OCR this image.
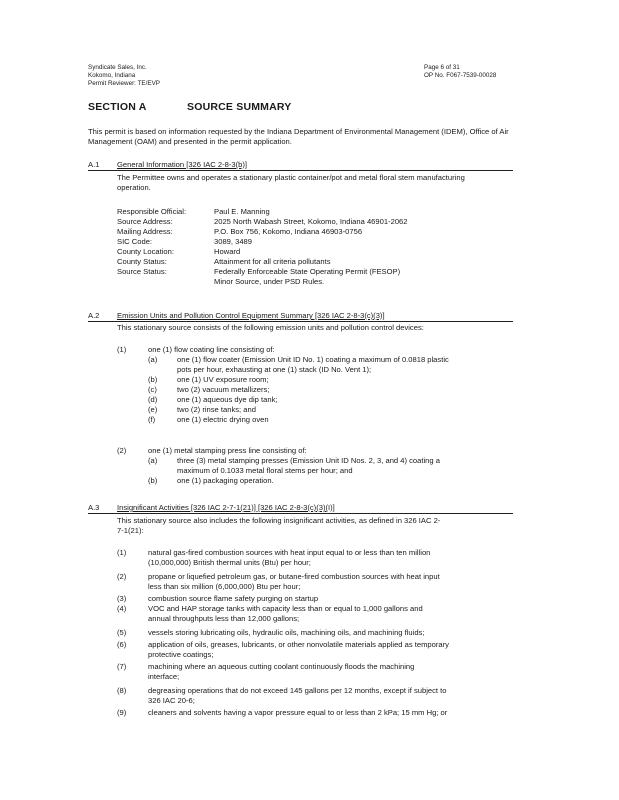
Syndicate Sales, Inc.
Kokomo, Indiana
Permit Reviewer: TE/EVP
Page 6 of 31
OP No. F067-7539-00028
SECTION A	SOURCE SUMMARY
This permit is based on information requested by the Indiana Department of Environmental Management (IDEM), Office of Air Management (OAM) and presented in the permit application.
A.1 General Information [326 IAC 2-8-3(b)]
The Permittee owns and operates a stationary plastic container/pot and metal floral stem manufacturing operation.
Responsible Official:	Paul E. Manning
Source Address:	2025 North Wabash Street, Kokomo, Indiana 46901-2062
Mailing Address:	P.O. Box 756, Kokomo, Indiana 46903-0756
SIC Code:	3089, 3489
County Location:	Howard
County Status:	Attainment for all criteria pollutants
Source Status:	Federally Enforceable State Operating Permit (FESOP)
Minor Source, under PSD Rules.
A.2 Emission Units and Pollution Control Equipment Summary [326 IAC 2-8-3(c)(3)]
This stationary source consists of the following emission units and pollution control devices:
(1)	one (1) flow coating line consisting of:
(a)	one (1) flow coater (Emission Unit ID No. 1) coating a maximum of 0.0818 plastic
pots per hour, exhausting at one (1) stack (ID No. Vent 1);
(b)	one (1) UV exposure room;
(c)	two (2) vacuum metallizers;
(d)	one (1) aqueous dye dip tank;
(e)	two (2) rinse tanks; and
(f)	one (1) electric drying oven
(2)	one (1) metal stamping press line consisting of:
(a)	three (3) metal stamping presses (Emission Unit ID Nos. 2, 3, and 4) coating a
maximum of 0.1033 metal floral stems per hour; and
(b)	one (1) packaging operation.
A.3 Insignificant Activities [326 IAC 2-7-1(21)] [326 IAC 2-8-3(c)(3)(I)]
This stationary source also includes the following insignificant activities, as defined in 326 IAC 2-
7-1(21):
(1)	natural gas-fired combustion sources with heat input equal to or less than ten million
(10,000,000) British thermal units (Btu) per hour;
(2)	propane or liquefied petroleum gas, or butane-fired combustion sources with heat input
less than six million (6,000,000) Btu per hour;
(3)	combustion source flame safety purging on startup
(4)	VOC and HAP storage tanks with capacity less than or equal to 1,000 gallons and
annual throughputs less than 12,000 gallons;
(5)	vessels storing lubricating oils, hydraulic oils, machining oils, and machining fluids;
(6)	application of oils, greases, lubricants, or other nonvolatile materials applied as temporary
protective coatings;
(7)	machining where an aqueous cutting coolant continuously floods the machining
interface;
(8)	degreasing operations that do not exceed 145 gallons per 12 months, except if subject to
326 IAC 20-6;
(9)	cleaners and solvents having a vapor pressure equal to or less than 2 kPa; 15 mm Hg; or
